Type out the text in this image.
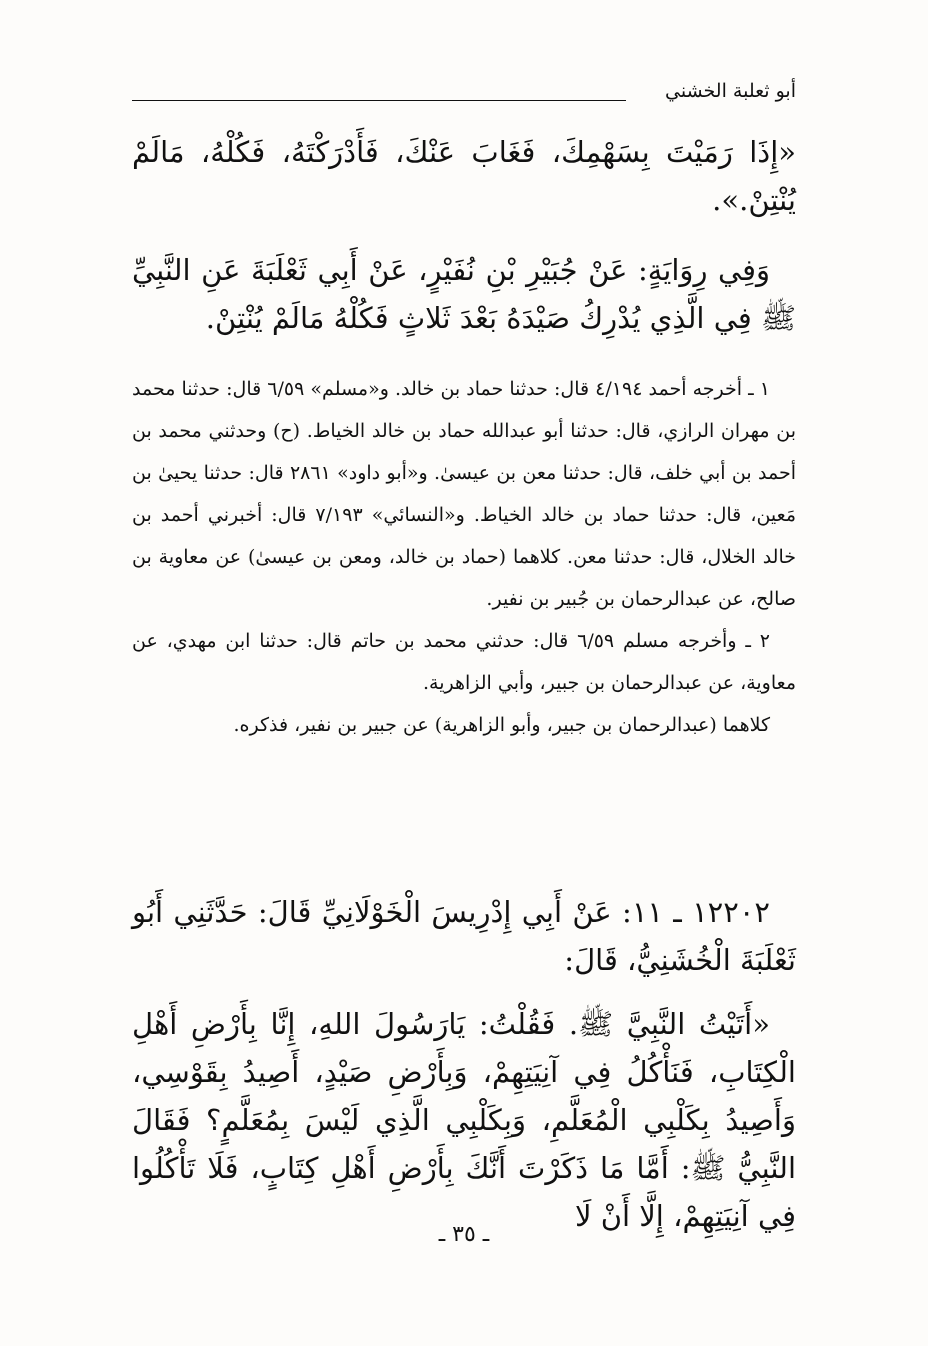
أبو ثعلبة الخشني

«إِذَا رَمَيْتَ بِسَهْمِكَ، فَغَابَ عَنْكَ، فَأَدْرَكْتَهُ، فَكُلْهُ، مَالَمْ يُنْتِنْ.».

وَفِي رِوَايَةٍ: عَنْ جُبَيْرِ بْنِ نُفَيْرٍ، عَنْ أَبِي ثَعْلَبَةَ عَنِ النَّبِيِّ ﷺ فِي الَّذِي يُدْرِكُ صَيْدَهُ بَعْدَ ثَلاثٍ فَكُلْهُ مَالَمْ يُنْتِنْ.

١ ـ أخرجه أحمد ٤/١٩٤ قال: حدثنا حماد بن خالد. و«مسلم» ٦/٥٩ قال: حدثنا محمد بن مهران الرازي، قال: حدثنا أبو عبدالله حماد بن خالد الخياط. (ح) وحدثني محمد بن أحمد بن أبي خلف، قال: حدثنا معن بن عيسىٰ. و«أبو داود» ٢٨٦١ قال: حدثنا يحيىٰ بن مَعين، قال: حدثنا حماد بن خالد الخياط. و«النسائي» ٧/١٩٣ قال: أخبرني أحمد بن خالد الخلال، قال: حدثنا معن. كلاهما (حماد بن خالد، ومعن بن عيسىٰ) عن معاوية بن صالح، عن عبدالرحمان بن جُبير بن نفير.

٢ ـ وأخرجه مسلم ٦/٥٩ قال: حدثني محمد بن حاتم قال: حدثنا ابن مهدي، عن معاوية، عن عبدالرحمان بن جبير، وأبي الزاهرية.

كلاهما (عبدالرحمان بن جبير، وأبو الزاهرية) عن جبير بن نفير، فذكره.

١٢٢٠٢ ـ ١١: عَنْ أَبِي إِدْرِيسَ الْخَوْلَانِيِّ قَالَ: حَدَّثَنِي أَبُو ثَعْلَبَةَ الْخُشَنِيُّ، قَالَ:

«أَتَيْتُ النَّبِيَّ ﷺ. فَقُلْتُ: يَارَسُولَ اللهِ، إِنَّا بِأَرْضِ أَهْلِ الْكِتَابِ، فَنَأْكُلُ فِي آنِيَتِهِمْ، وَبِأَرْضِ صَيْدٍ، أَصِيدُ بِقَوْسِي، وَأَصِيدُ بِكَلْبِي الْمُعَلَّمِ، وَبِكَلْبِي الَّذِي لَيْسَ بِمُعَلَّمٍ؟ فَقَالَ النَّبِيُّ ﷺ: أَمَّا مَا ذَكَرْتَ أَنَّكَ بِأَرْضِ أَهْلِ كِتَابٍ، فَلَا تَأْكُلُوا فِي آنِيَتِهِمْ، إِلَّا أَنْ لَا

ـ ٣٥ ـ
